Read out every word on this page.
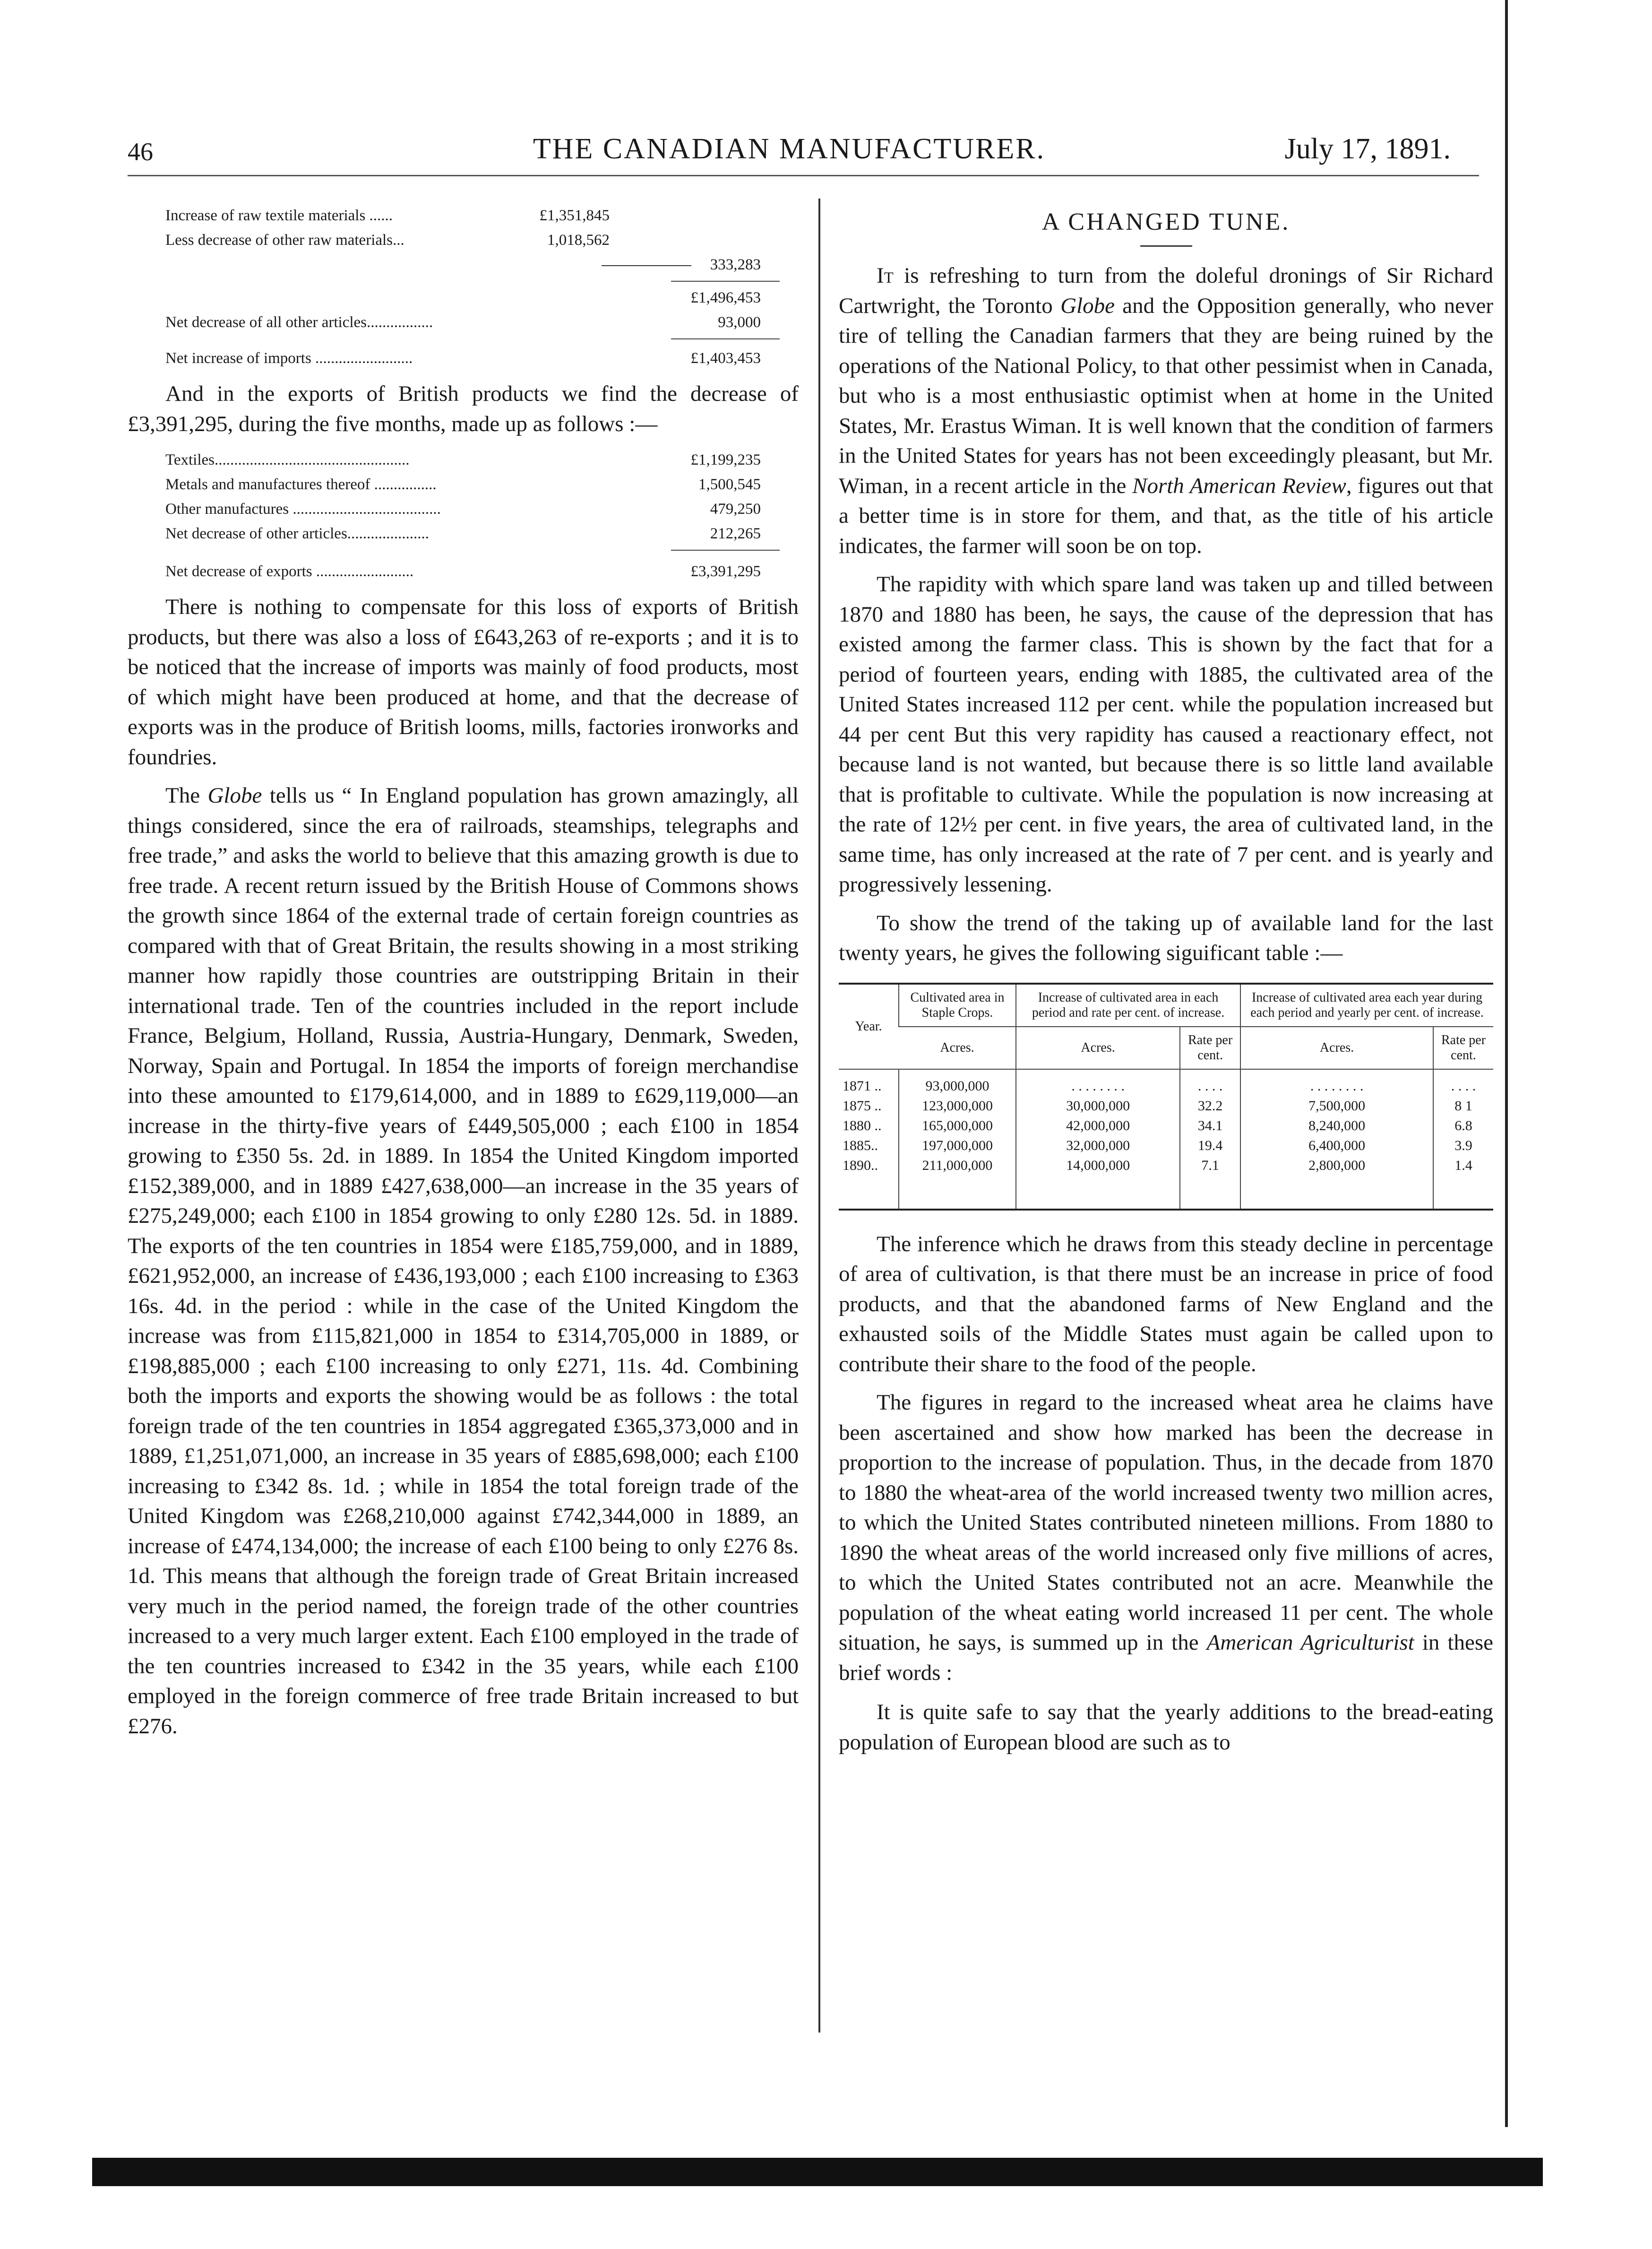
46	THE CANADIAN MANUFACTURER.	July 17, 1891.
Increase of raw textile materials ......	£1,351,845
Less decrease of other raw materials...	1,018,562
333,283
£1,496,453
Net decrease of all other articles.................	93,000
Net increase of imports .........................	£1,403,453

And in the exports of British products we find the decrease of £3,391,295, during the five months, made up as follows :—

Textiles..................................................	£1,199,235
Metals and manufactures thereof ................	1,500,545
Other manufactures ......................................	479,250
Net decrease of other articles.....................	212,265
Net decrease of exports .........................	£3,391,295

There is nothing to compensate for this loss of exports of British products, but there was also a loss of £643,263 of re-exports ; and it is to be noticed that the increase of imports was mainly of food products, most of which might have been produced at home, and that the decrease of exports was in the produce of British looms, mills, factories ironworks and foundries.

The Globe tells us “ In England population has grown amazingly, all things considered, since the era of railroads, steamships, telegraphs and free trade,” and asks the world to believe that this amazing growth is due to free trade. A recent return issued by the British House of Commons shows the growth since 1864 of the external trade of certain foreign countries as compared with that of Great Britain, the results showing in a most striking manner how rapidly those countries are outstripping Britain in their international trade. Ten of the countries included in the report include France, Belgium, Holland, Russia, Austria-Hungary, Denmark, Sweden, Norway, Spain and Portugal. In 1854 the imports of foreign merchandise into these amounted to £179,614,000, and in 1889 to £629,119,000—an increase in the thirty-five years of £449,505,000 ; each £100 in 1854 growing to £350 5s. 2d. in 1889. In 1854 the United Kingdom imported £152,389,000, and in 1889 £427,638,000—an increase in the 35 years of £275,249,000; each £100 in 1854 growing to only £280 12s. 5d. in 1889. The exports of the ten countries in 1854 were £185,759,000, and in 1889, £621,952,000, an increase of £436,193,000 ; each £100 increasing to £363 16s. 4d. in the period : while in the case of the United Kingdom the increase was from £115,821,000 in 1854 to £314,705,000 in 1889, or £198,885,000 ; each £100 increasing to only £271, 11s. 4d. Combining both the imports and exports the showing would be as follows : the total foreign trade of the ten countries in 1854 aggregated £365,373,000 and in 1889, £1,251,071,000, an increase in 35 years of £885,698,000; each £100 increasing to £342 8s. 1d. ; while in 1854 the total foreign trade of the United Kingdom was £268,210,000 against £742,344,000 in 1889, an increase of £474,134,000; the increase of each £100 being to only £276 8s. 1d. This means that although the foreign trade of Great Britain increased very much in the period named, the foreign trade of the other countries increased to a very much larger extent. Each £100 employed in the trade of the ten countries increased to £342 in the 35 years, while each £100 employed in the foreign commerce of free trade Britain increased to but £276.

A CHANGED TUNE.

It is refreshing to turn from the doleful dronings of Sir Richard Cartwright, the Toronto Globe and the Opposition generally, who never tire of telling the Canadian farmers that they are being ruined by the operations of the National Policy, to that other pessimist when in Canada, but who is a most enthusiastic optimist when at home in the United States, Mr. Erastus Wiman. It is well known that the condition of farmers in the United States for years has not been exceedingly pleasant, but Mr. Wiman, in a recent article in the North American Review, figures out that a better time is in store for them, and that, as the title of his article indicates, the farmer will soon be on top.

The rapidity with which spare land was taken up and tilled between 1870 and 1880 has been, he says, the cause of the depression that has existed among the farmer class. This is shown by the fact that for a period of fourteen years, ending with 1885, the cultivated area of the United States increased 112 per cent. while the population increased but 44 per cent But this very rapidity has caused a reactionary effect, not because land is not wanted, but because there is so little land available that is profitable to cultivate. While the population is now increasing at the rate of 12½ per cent. in five years, the area of cultivated land, in the same time, has only increased at the rate of 7 per cent. and is yearly and progressively lessening.

To show the trend of the taking up of available land for the last twenty years, he gives the following siguificant table :—

Year.	Cultivated area in Staple Crops.	Increase of cultivated area in each period and rate per cent. of increase.		Increase of cultivated area each year during each period and yearly per cent. of increase.	
	Acres.	Acres.	Rate per cent.	Acres.	Rate per cent.
1871 ..	93,000,000	. . . . . . . .	. . . .	. . . . . . . .	. . . .
1875 ..	123,000,000	30,000,000	32.2	7,500,000	8 1
1880 ..	165,000,000	42,000,000	34.1	8,240,000	6.8
1885..	197,000,000	32,000,000	19.4	6,400,000	3.9
1890..	211,000,000	14,000,000	7.1	2,800,000	1.4

The inference which he draws from this steady decline in percentage of area of cultivation, is that there must be an increase in price of food products, and that the abandoned farms of New England and the exhausted soils of the Middle States must again be called upon to contribute their share to the food of the people.

The figures in regard to the increased wheat area he claims have been ascertained and show how marked has been the decrease in proportion to the increase of population. Thus, in the decade from 1870 to 1880 the wheat-area of the world increased twenty two million acres, to which the United States contributed nineteen millions. From 1880 to 1890 the wheat areas of the world increased only five millions of acres, to which the United States contributed not an acre. Meanwhile the population of the wheat eating world increased 11 per cent. The whole situation, he says, is summed up in the American Agriculturist in these brief words :

It is quite safe to say that the yearly additions to the bread-eating population of European blood are such as to
